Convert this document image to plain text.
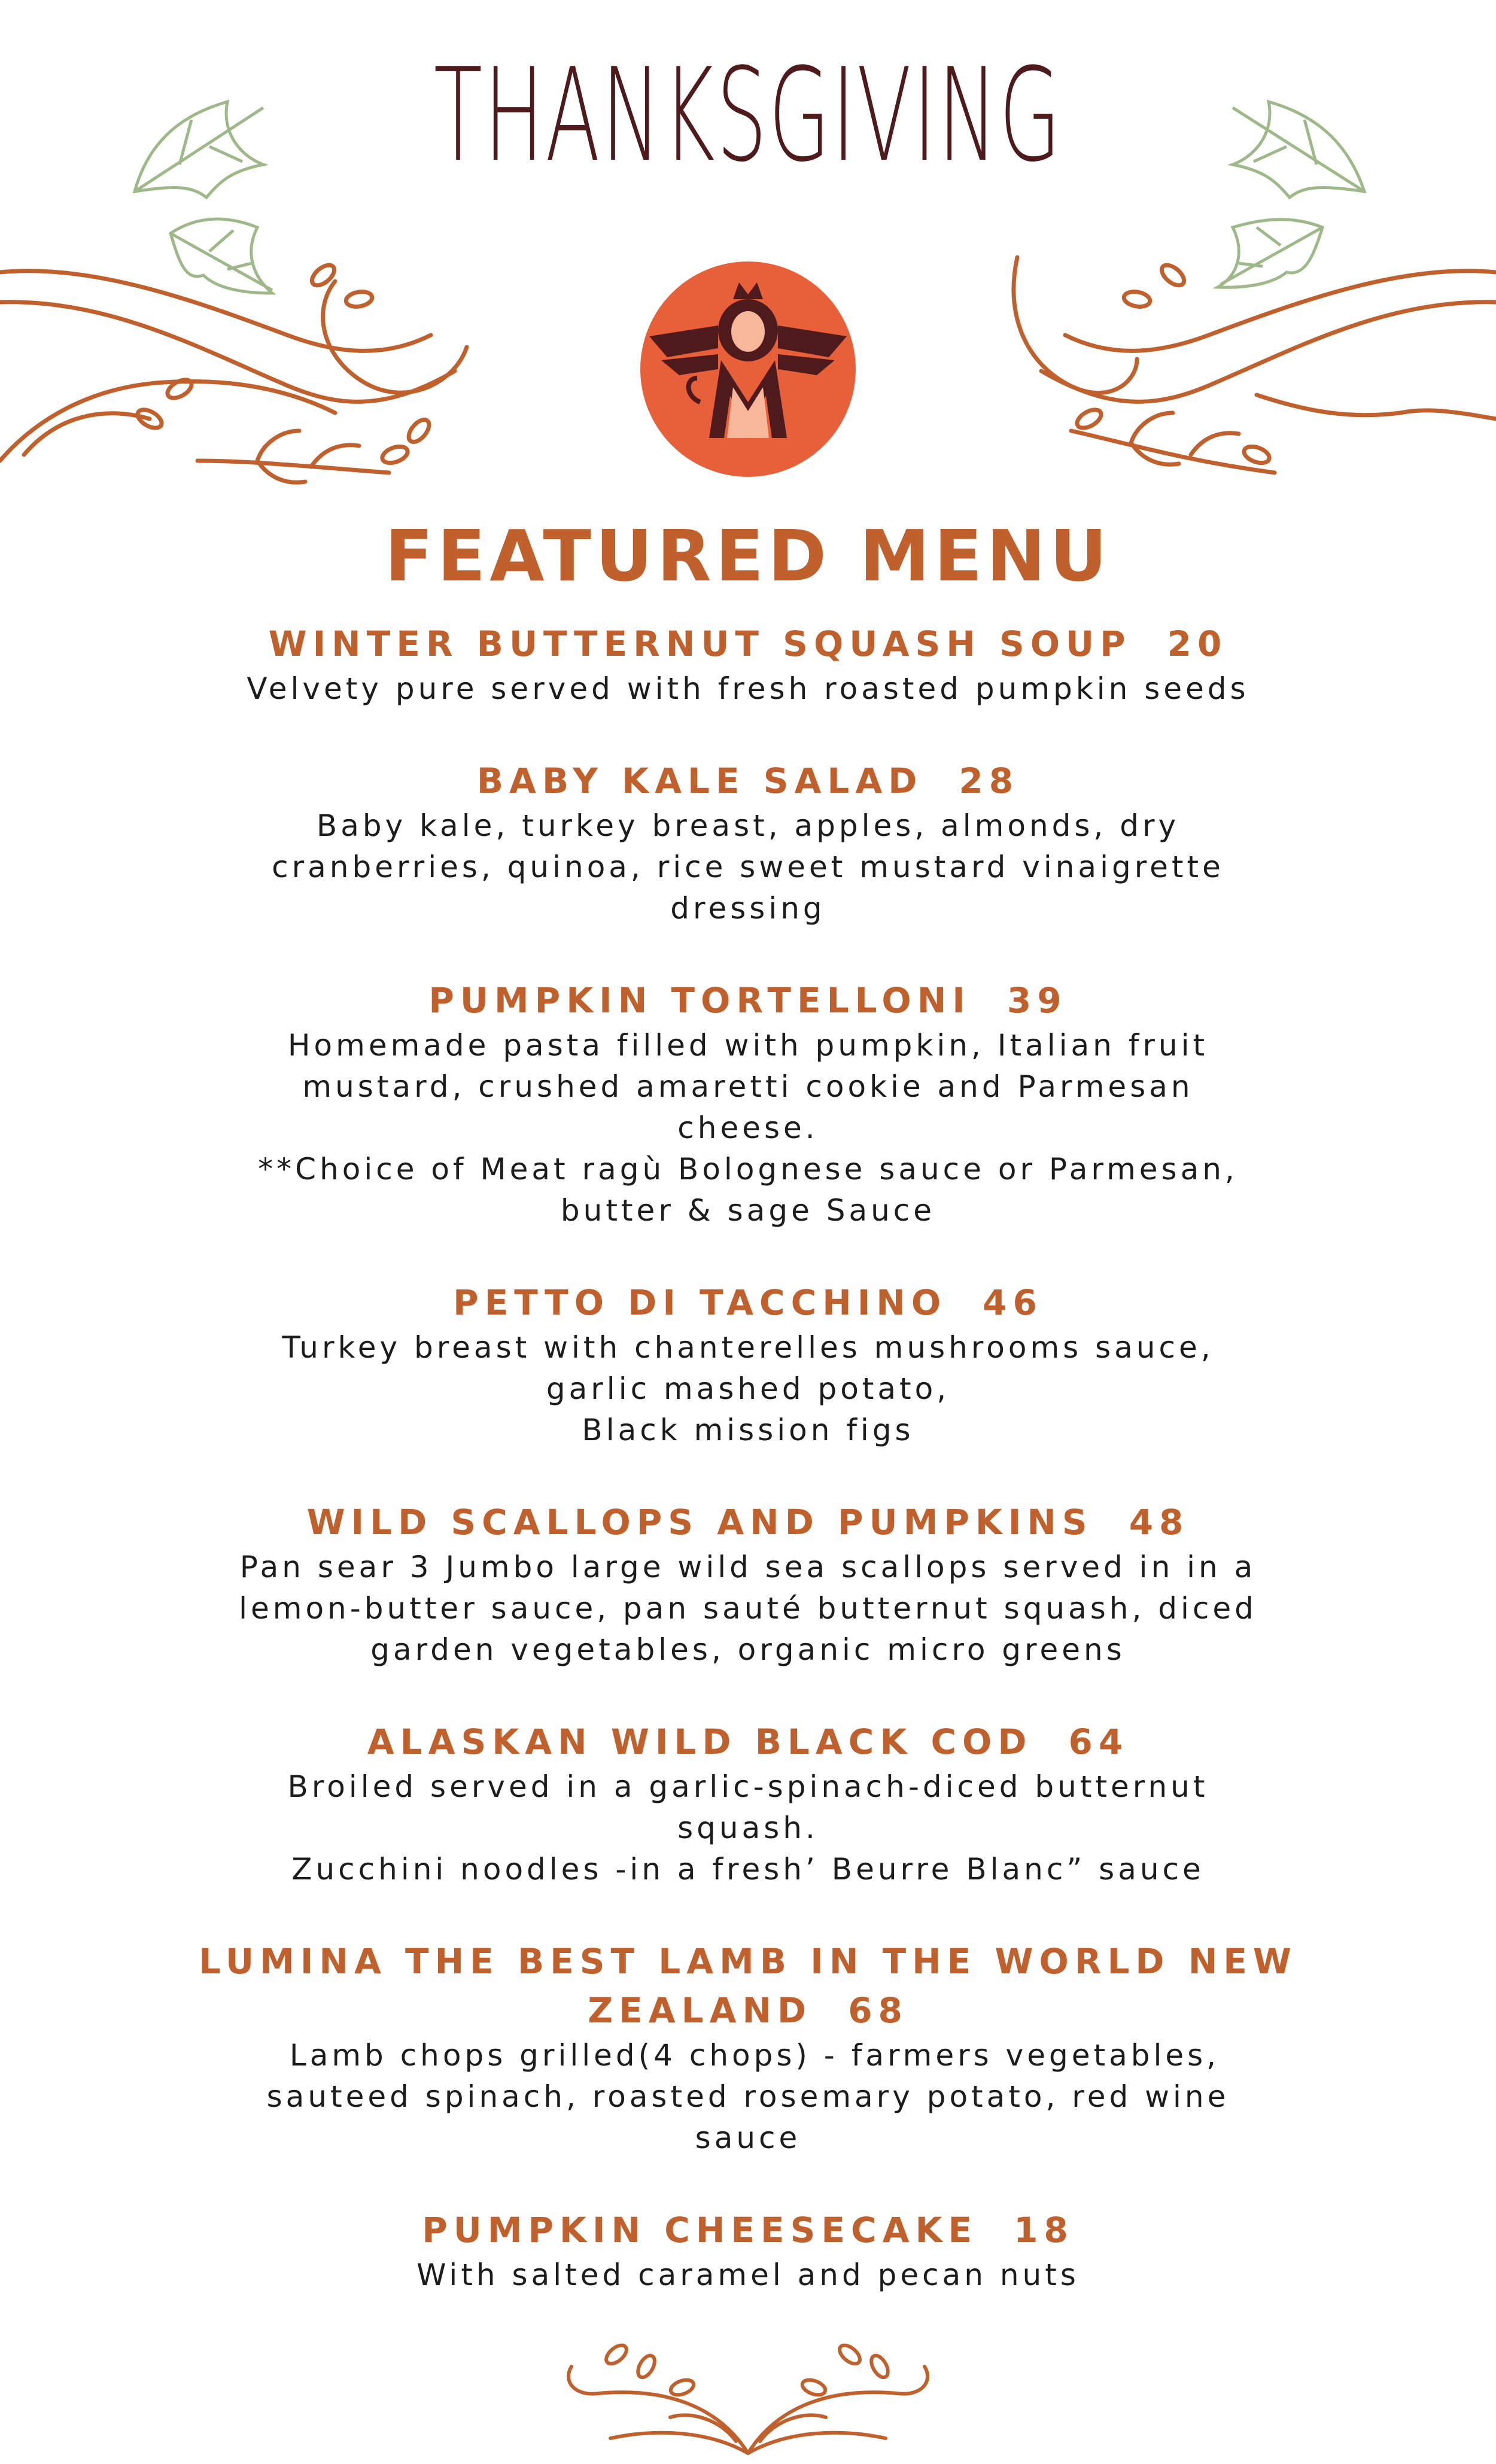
THANKSGIVING
FEATURED MENU
WINTER BUTTERNUT SQUASH SOUP 20
Velvety pure served with fresh roasted pumpkin seeds
BABY KALE SALAD 28
Baby kale, turkey breast, apples, almonds, dry
cranberries, quinoa, rice sweet mustard vinaigrette
dressing
PUMPKIN TORTELLONI 39
Homemade pasta filled with pumpkin, Italian fruit
mustard, crushed amaretti cookie and Parmesan
cheese.
**Choice of Meat ragù Bolognese sauce or Parmesan,
butter & sage Sauce
PETTO DI TACCHINO 46
Turkey breast with chanterelles mushrooms sauce,
garlic mashed potato,
Black mission figs
WILD SCALLOPS AND PUMPKINS 48
Pan sear 3 Jumbo large wild sea scallops served in in a
lemon-butter sauce, pan sauté butternut squash, diced
garden vegetables, organic micro greens
ALASKAN WILD BLACK COD 64
Broiled served in a garlic-spinach-diced butternut
squash.
Zucchini noodles -in a fresh’ Beurre Blanc” sauce
LUMINA THE BEST LAMB IN THE WORLD NEW ZEALAND 68
Lamb chops grilled(4 chops) - farmers vegetables,
sauteed spinach, roasted rosemary potato, red wine
sauce
PUMPKIN CHEESECAKE 18
With salted caramel and pecan nuts
